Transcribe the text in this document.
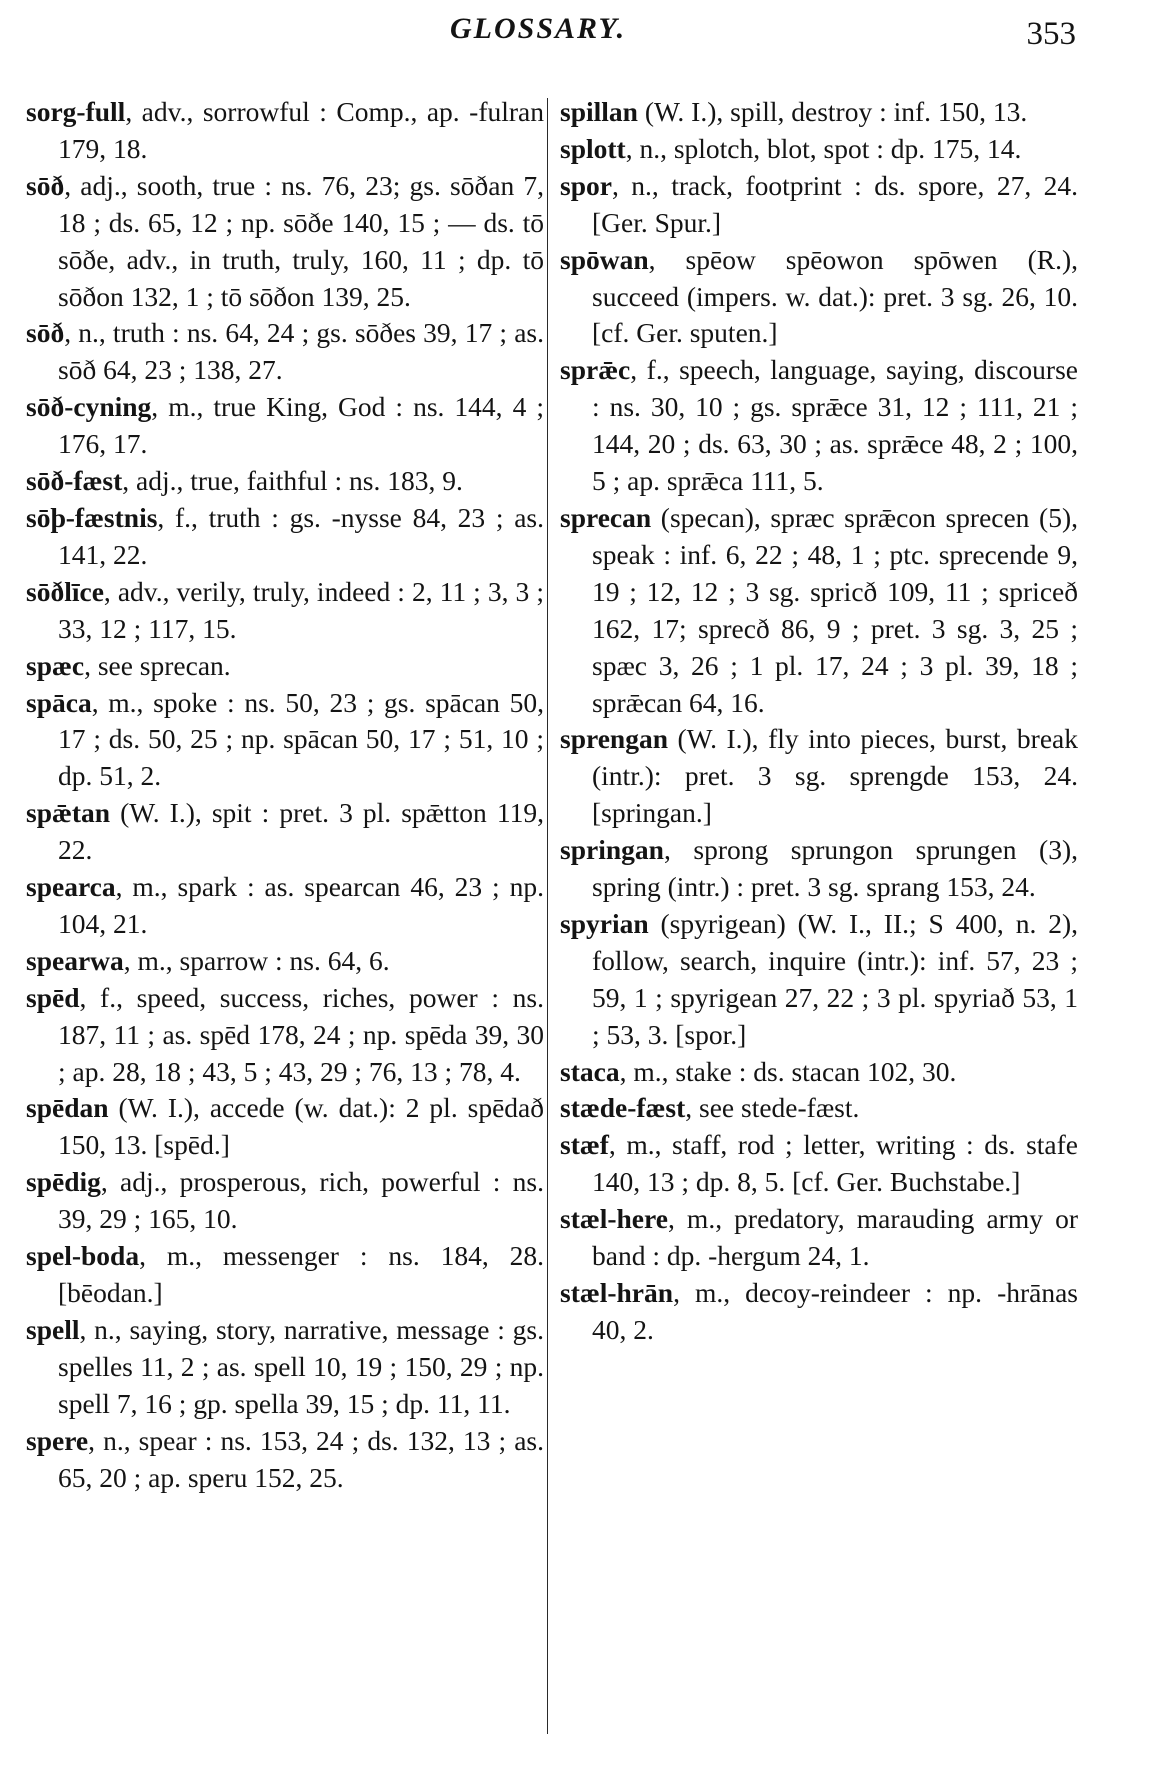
GLOSSARY.	353

sorg-full, adv., sorrowful : Comp., ap. -fulran 179, 18.

sōð, adj., sooth, true : ns. 76, 23; gs. sōðan 7, 18 ; ds. 65, 12 ; np. sōðe 140, 15 ; — ds. tō sōðe, adv., in truth, truly, 160, 11 ; dp. tō sōðon 132, 1 ; tō sōðon 139, 25.

sōð, n., truth : ns. 64, 24 ; gs. sōðes 39, 17 ; as. sōð 64, 23 ; 138, 27.

sōð-cyning, m., true King, God : ns. 144, 4 ; 176, 17.

sōð-fæst, adj., true, faithful : ns. 183, 9.

sōþ-fæstnis, f., truth : gs. -nysse 84, 23 ; as. 141, 22.

sōðlīce, adv., verily, truly, indeed : 2, 11 ; 3, 3 ; 33, 12 ; 117, 15.

spæc, see sprecan.

spāca, m., spoke : ns. 50, 23 ; gs. spācan 50, 17 ; ds. 50, 25 ; np. spācan 50, 17 ; 51, 10 ; dp. 51, 2.

spǣtan (W. I.), spit : pret. 3 pl. spǣtton 119, 22.

spearca, m., spark : as. spearcan 46, 23 ; np. 104, 21.

spearwa, m., sparrow : ns. 64, 6.

spēd, f., speed, success, riches, power : ns. 187, 11 ; as. spēd 178, 24 ; np. spēda 39, 30 ; ap. 28, 18 ; 43, 5 ; 43, 29 ; 76, 13 ; 78, 4.

spēdan (W. I.), accede (w. dat.): 2 pl. spēdað 150, 13. [spēd.]

spēdig, adj., prosperous, rich, powerful : ns. 39, 29 ; 165, 10.

spel-boda, m., messenger : ns. 184, 28. [bēodan.]

spell, n., saying, story, narrative, message : gs. spelles 11, 2 ; as. spell 10, 19 ; 150, 29 ; np. spell 7, 16 ; gp. spella 39, 15 ; dp. 11, 11.

spere, n., spear : ns. 153, 24 ; ds. 132, 13 ; as. 65, 20 ; ap. speru 152, 25.

spillan (W. I.), spill, destroy : inf. 150, 13.

splott, n., splotch, blot, spot : dp. 175, 14.

spor, n., track, footprint : ds. spore, 27, 24. [Ger. Spur.]

spōwan, spēow spēowon spōwen (R.), succeed (impers. w. dat.): pret. 3 sg. 26, 10. [cf. Ger. sputen.]

sprǣc, f., speech, language, saying, discourse : ns. 30, 10 ; gs. sprǣce 31, 12 ; 111, 21 ; 144, 20 ; ds. 63, 30 ; as. sprǣce 48, 2 ; 100, 5 ; ap. sprǣca 111, 5.

sprecan (specan), spræc sprǣcon sprecen (5), speak : inf. 6, 22 ; 48, 1 ; ptc. sprecende 9, 19 ; 12, 12 ; 3 sg. spricð 109, 11 ; spriceð 162, 17; sprecð 86, 9 ; pret. 3 sg. 3, 25 ; spæc 3, 26 ; 1 pl. 17, 24 ; 3 pl. 39, 18 ; sprǣcan 64, 16.

sprengan (W. I.), fly into pieces, burst, break (intr.): pret. 3 sg. sprengde 153, 24. [springan.]

springan, sprong sprungon sprungen (3), spring (intr.) : pret. 3 sg. sprang 153, 24.

spyrian (spyrigean) (W. I., II.; S 400, n. 2), follow, search, inquire (intr.): inf. 57, 23 ; 59, 1 ; spyrigean 27, 22 ; 3 pl. spyriað 53, 1 ; 53, 3. [spor.]

staca, m., stake : ds. stacan 102, 30.

stæde-fæst, see stede-fæst.

stæf, m., staff, rod ; letter, writing : ds. stafe 140, 13 ; dp. 8, 5. [cf. Ger. Buchstabe.]

stæl-here, m., predatory, marauding army or band : dp. -hergum 24, 1.

stæl-hrān, m., decoy-reindeer : np. -hrānas 40, 2.
